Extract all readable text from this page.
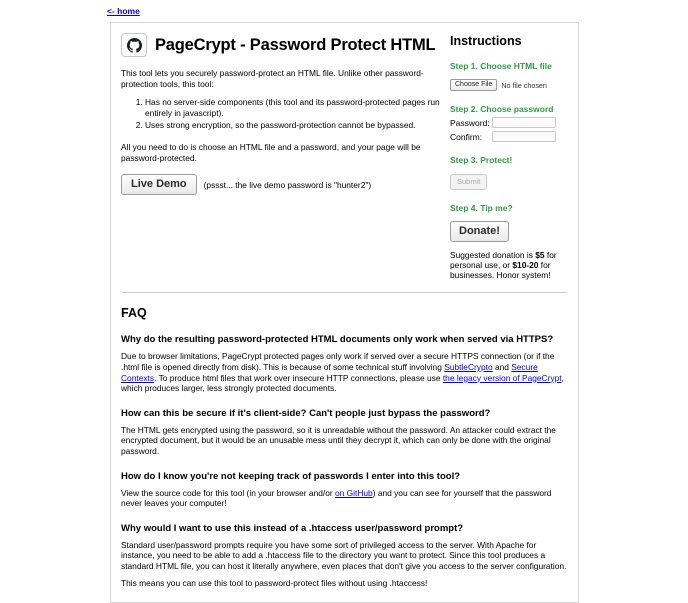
<- home
PageCrypt - Password Protect HTML

This tool lets you securely password-protect an HTML file. Unlike other password-protection tools, this tool:

1. Has no server-side components (this tool and its password-protected pages run entirely in javascript).
2. Uses strong encryption, so the password-protection cannot be bypassed.

All you need to do is choose an HTML file and a password, and your page will be password-protected.

Live Demo	(pssst... the live demo password is "hunter2")
Instructions
Step 1. Choose HTML file
Choose File	No file chosen
Step 2. Choose password
Password:
Confirm:
Step 3. Protect!
Submit
Step 4. Tip me?
Donate!

Suggested donation is $5 for personal use, or $10-20 for businesses. Honor system!

FAQ
Why do the resulting password-protected HTML documents only work when served via HTTPS?

Due to browser limitations, PageCrypt protected pages only work if served over a secure HTTPS connection (or if the .html file is opened directly from disk). This is because of some technical stuff involving SubtleCrypto and Secure Contexts. To produce html files that work over insecure HTTP connections, please use the legacy version of PageCrypt, which produces larger, less strongly protected documents.

How can this be secure if it's client-side? Can't people just bypass the password?

The HTML gets encrypted using the password, so it is unreadable without the password. An attacker could extract the encrypted document, but it would be an unusable mess until they decrypt it, which can only be done with the original password.

How do I know you're not keeping track of passwords I enter into this tool?

View the source code for this tool (in your browser and/or on GitHub) and you can see for yourself that the password never leaves your computer!

Why would I want to use this instead of a .htaccess user/password prompt?

Standard user/password prompts require you have some sort of privileged access to the server. With Apache for instance, you need to be able to add a .htaccess file to the directory you want to protect. Since this tool produces a standard HTML file, you can host it literally anywhere, even places that don't give you access to the server configuration.

This means you can use this tool to password-protect files without using .htaccess!
